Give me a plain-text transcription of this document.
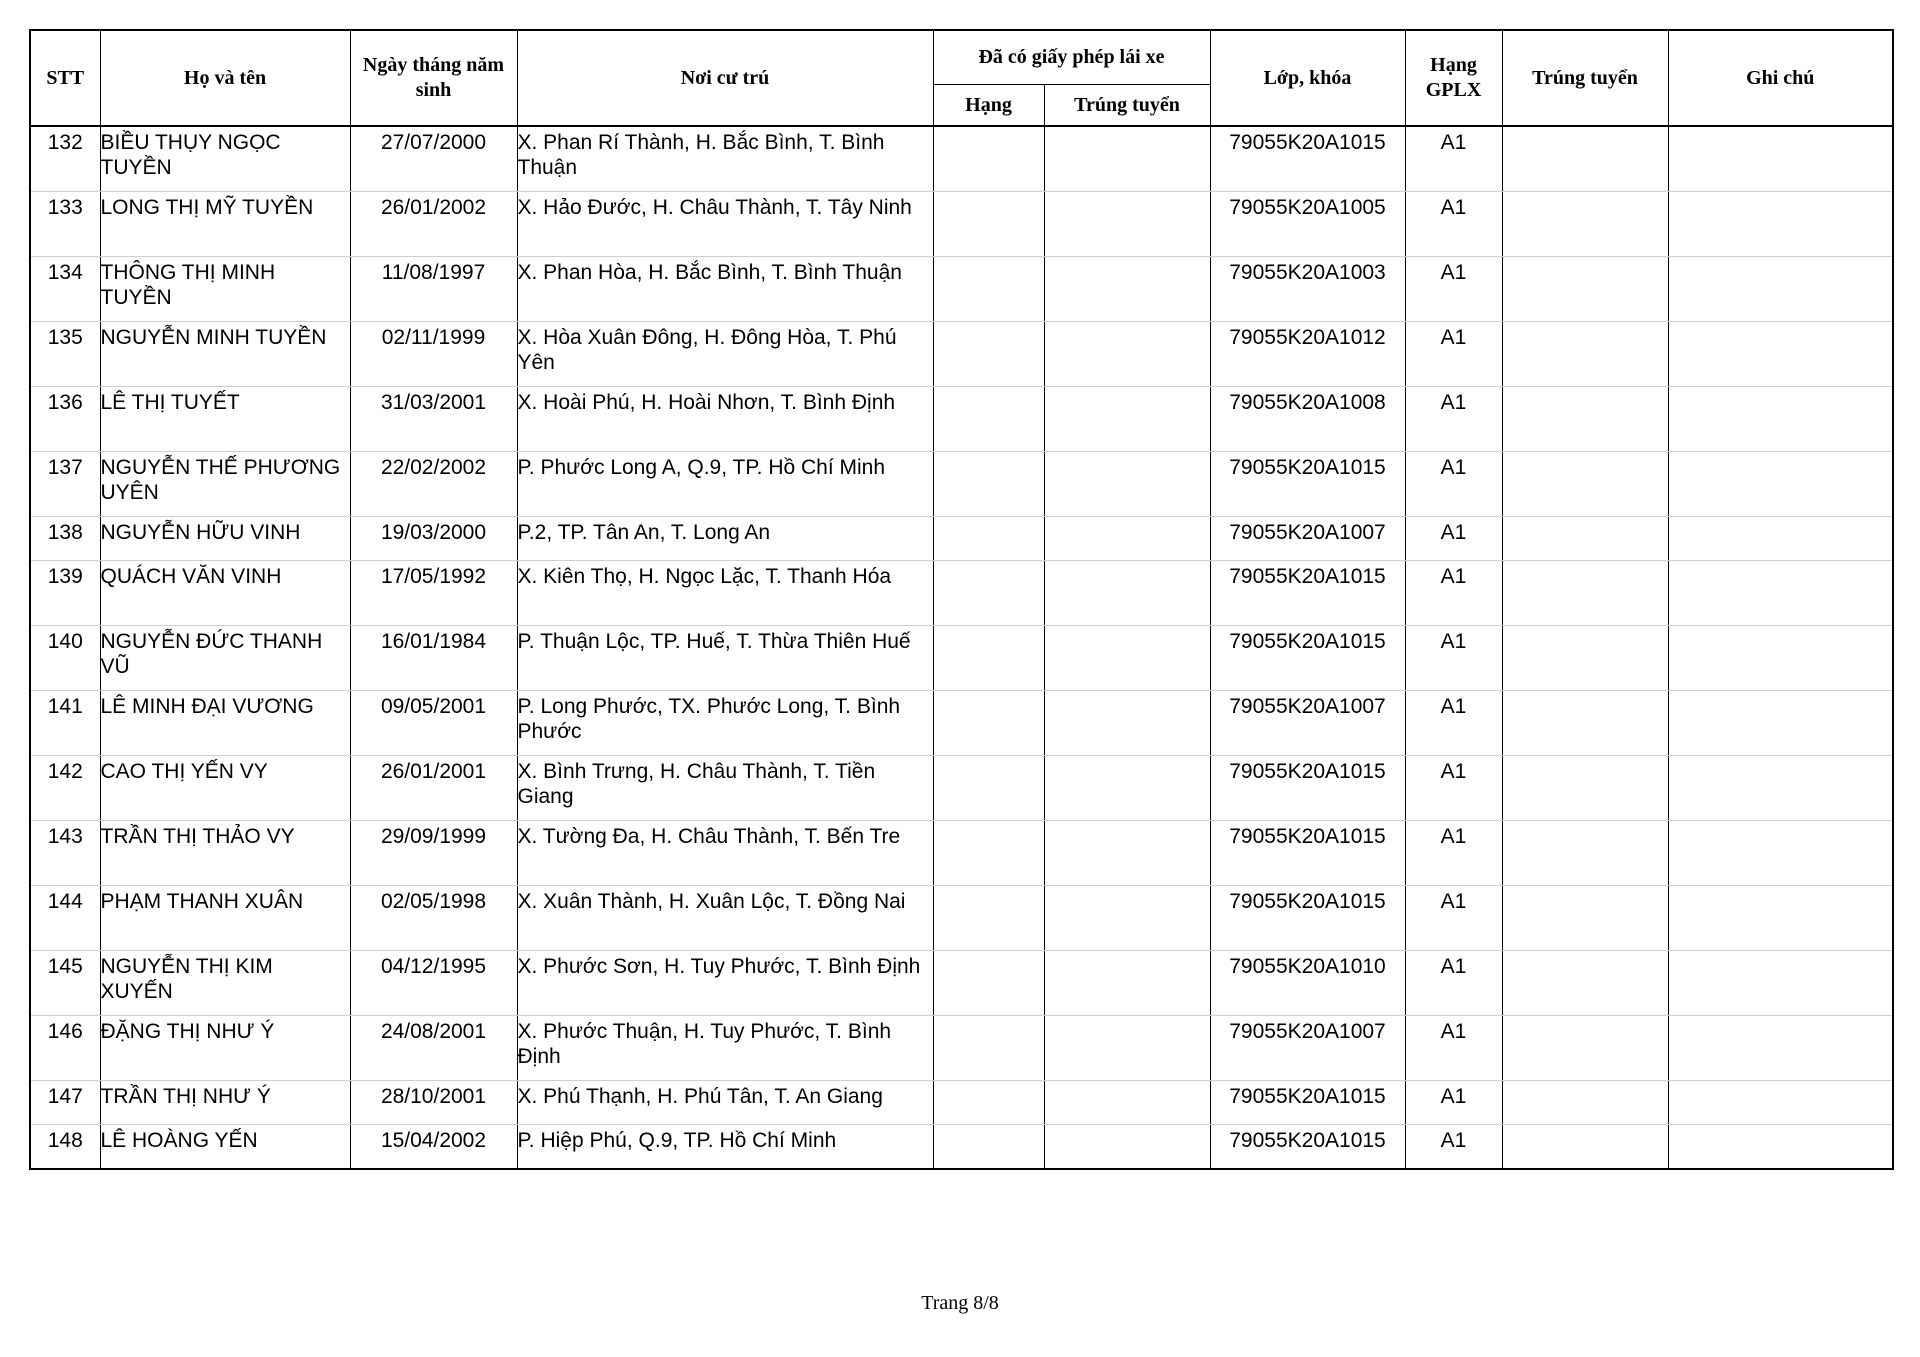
STT	Họ và tên	Ngày tháng năm sinh	Nơi cư trú	Đã có giấy phép lái xe		Lớp, khóa	Hạng GPLX	Trúng tuyển	Ghi chú
				Hạng	Trúng tuyển				
132	BIỀU THỤY NGỌC TUYỀN	27/07/2000	X. Phan Rí Thành, H. Bắc Bình, T. Bình Thuận			79055K20A1015	A1		
133	LONG THỊ MỸ TUYỀN	26/01/2002	X. Hảo Đước, H. Châu Thành, T. Tây Ninh			79055K20A1005	A1		
134	THÔNG THỊ MINH TUYỀN	11/08/1997	X. Phan Hòa, H. Bắc Bình, T. Bình Thuận			79055K20A1003	A1		
135	NGUYỄN MINH TUYỀN	02/11/1999	X. Hòa Xuân Đông, H. Đông Hòa, T. Phú Yên			79055K20A1012	A1		
136	LÊ THỊ TUYẾT	31/03/2001	X. Hoài Phú, H. Hoài Nhơn, T. Bình Định			79055K20A1008	A1		
137	NGUYỄN THẾ PHƯƠNG UYÊN	22/02/2002	P. Phước Long A, Q.9, TP. Hồ Chí Minh			79055K20A1015	A1		
138	NGUYỄN HỮU VINH	19/03/2000	P.2, TP. Tân An, T. Long An			79055K20A1007	A1		
139	QUÁCH VĂN VINH	17/05/1992	X. Kiên Thọ, H. Ngọc Lặc, T. Thanh Hóa			79055K20A1015	A1		
140	NGUYỄN ĐỨC THANH VŨ	16/01/1984	P. Thuận Lộc, TP. Huế, T. Thừa Thiên Huế			79055K20A1015	A1		
141	LÊ MINH ĐẠI VƯƠNG	09/05/2001	P. Long Phước, TX. Phước Long, T. Bình Phước			79055K20A1007	A1		
142	CAO THỊ YẾN VY	26/01/2001	X. Bình Trưng, H. Châu Thành, T. Tiền Giang			79055K20A1015	A1		
143	TRẦN THỊ THẢO VY	29/09/1999	X. Tường Đa, H. Châu Thành, T. Bến Tre			79055K20A1015	A1		
144	PHẠM THANH XUÂN	02/05/1998	X. Xuân Thành, H. Xuân Lộc, T. Đồng Nai			79055K20A1015	A1		
145	NGUYỄN THỊ KIM XUYẾN	04/12/1995	X. Phước Sơn, H. Tuy Phước, T. Bình Định			79055K20A1010	A1		
146	ĐẶNG THỊ NHƯ Ý	24/08/2001	X. Phước Thuận, H. Tuy Phước, T. Bình Định			79055K20A1007	A1		
147	TRẦN THỊ NHƯ Ý	28/10/2001	X. Phú Thạnh, H. Phú Tân, T. An Giang			79055K20A1015	A1		
148	LÊ HOÀNG YẾN	15/04/2002	P. Hiệp Phú, Q.9, TP. Hồ Chí Minh			79055K20A1015	A1		
Trang 8/8
